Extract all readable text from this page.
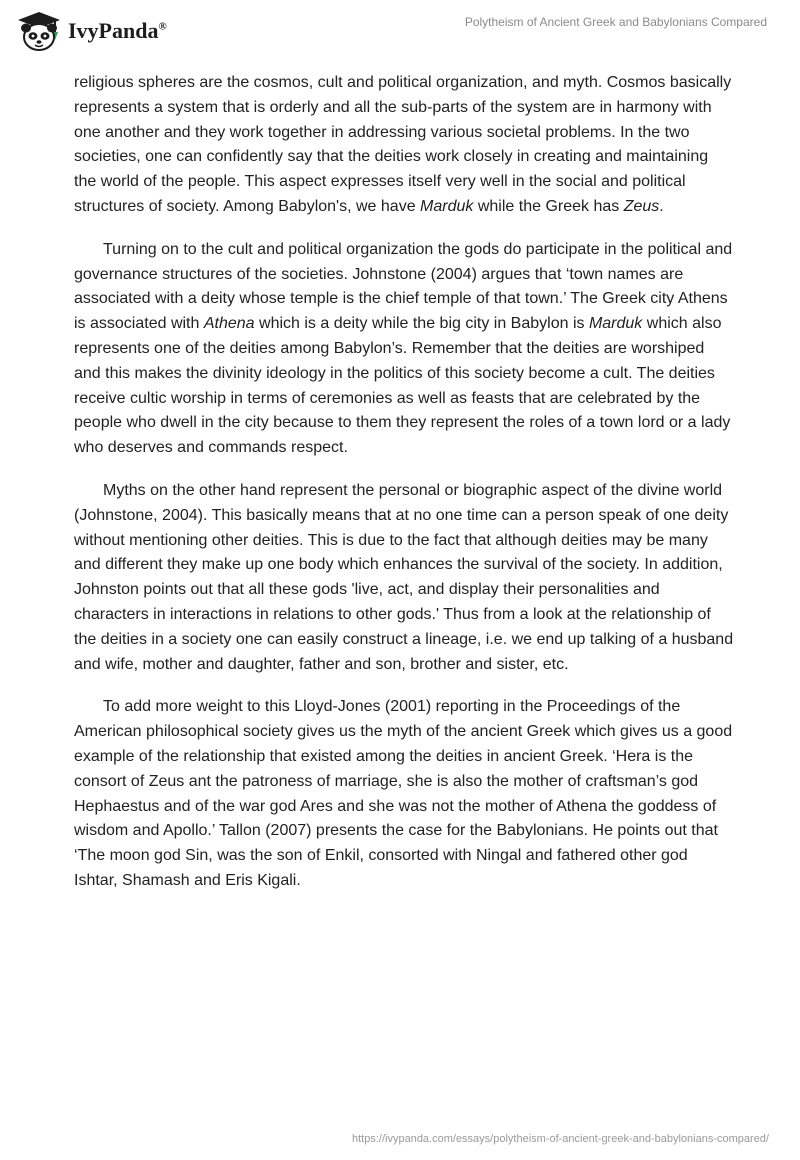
IvyPanda®	Polytheism of Ancient Greek and Babylonians Compared

religious spheres are the cosmos, cult and political organization, and myth. Cosmos basically represents a system that is orderly and all the sub-parts of the system are in harmony with one another and they work together in addressing various societal problems. In the two societies, one can confidently say that the deities work closely in creating and maintaining the world of the people. This aspect expresses itself very well in the social and political structures of society. Among Babylon's, we have Marduk while the Greek has Zeus.

Turning on to the cult and political organization the gods do participate in the political and governance structures of the societies. Johnstone (2004) argues that ‘town names are associated with a deity whose temple is the chief temple of that town.’ The Greek city Athens is associated with Athena which is a deity while the big city in Babylon is Marduk which also represents one of the deities among Babylon’s. Remember that the deities are worshiped and this makes the divinity ideology in the politics of this society become a cult. The deities receive cultic worship in terms of ceremonies as well as feasts that are celebrated by the people who dwell in the city because to them they represent the roles of a town lord or a lady who deserves and commands respect.

Myths on the other hand represent the personal or biographic aspect of the divine world (Johnstone, 2004). This basically means that at no one time can a person speak of one deity without mentioning other deities. This is due to the fact that although deities may be many and different they make up one body which enhances the survival of the society. In addition, Johnston points out that all these gods 'live, act, and display their personalities and characters in interactions in relations to other gods.' Thus from a look at the relationship of the deities in a society one can easily construct a lineage, i.e. we end up talking of a husband and wife, mother and daughter, father and son, brother and sister, etc.

To add more weight to this Lloyd-Jones (2001) reporting in the Proceedings of the American philosophical society gives us the myth of the ancient Greek which gives us a good example of the relationship that existed among the deities in ancient Greek. ‘Hera is the consort of Zeus ant the patroness of marriage, she is also the mother of craftsman’s god Hephaestus and of the war god Ares and she was not the mother of Athena the goddess of wisdom and Apollo.’ Tallon (2007) presents the case for the Babylonians. He points out that ‘The moon god Sin, was the son of Enkil, consorted with Ningal and fathered other god Ishtar, Shamash and Eris Kigali.

https://ivypanda.com/essays/polytheism-of-ancient-greek-and-babylonians-compared/
